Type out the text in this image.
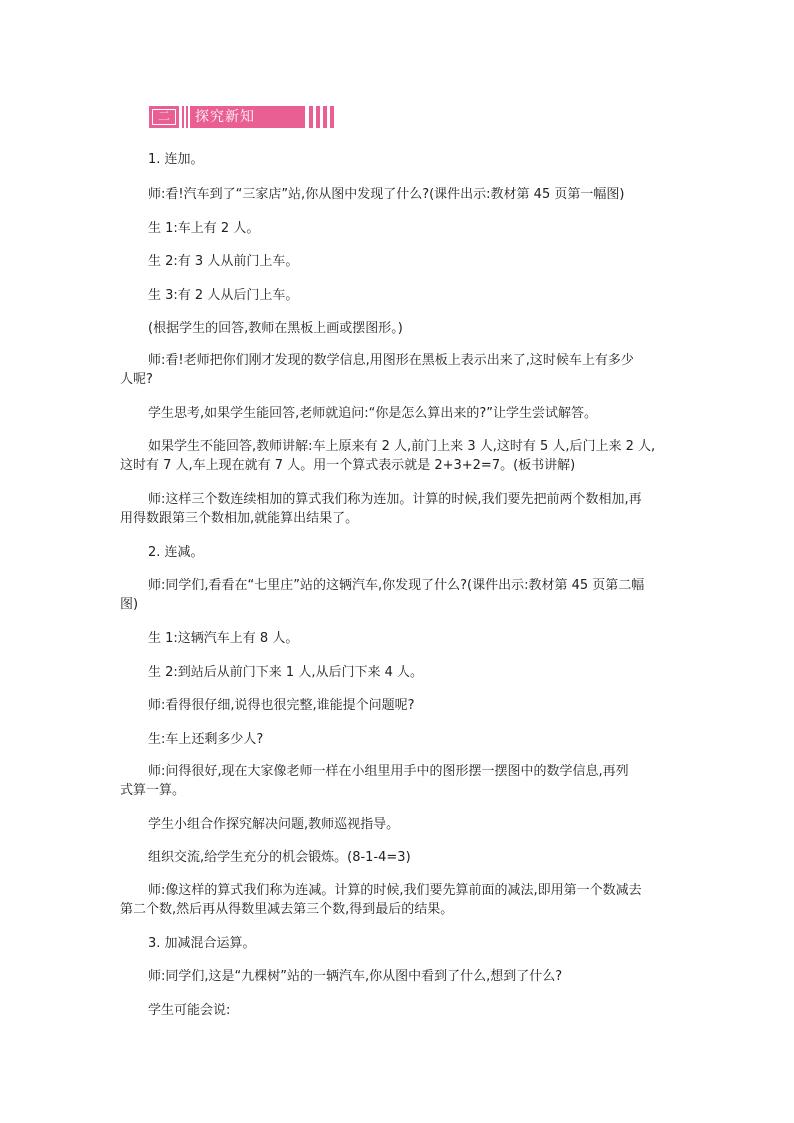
二	探究新知
1. 连加。
师:看!汽车到了“三家店”站,你从图中发现了什么?(课件出示:教材第 45 页第一幅图)
生 1:车上有 2 人。
生 2:有 3 人从前门上车。
生 3:有 2 人从后门上车。
(根据学生的回答,教师在黑板上画或摆图形。)
师:看!老师把你们刚才发现的数学信息,用图形在黑板上表示出来了,这时候车上有多少
人呢?
学生思考,如果学生能回答,老师就追问:“你是怎么算出来的?”让学生尝试解答。
如果学生不能回答,教师讲解:车上原来有 2 人,前门上来 3 人,这时有 5 人,后门上来 2 人,
这时有 7 人,车上现在就有 7 人。用一个算式表示就是 2+3+2=7。(板书讲解)
师:这样三个数连续相加的算式我们称为连加。计算的时候,我们要先把前两个数相加,再
用得数跟第三个数相加,就能算出结果了。
2. 连减。
师:同学们,看看在“七里庄”站的这辆汽车,你发现了什么?(课件出示:教材第 45 页第二幅
图)
生 1:这辆汽车上有 8 人。
生 2:到站后从前门下来 1 人,从后门下来 4 人。
师:看得很仔细,说得也很完整,谁能提个问题呢?
生:车上还剩多少人?
师:问得很好,现在大家像老师一样在小组里用手中的图形摆一摆图中的数学信息,再列
式算一算。
学生小组合作探究解决问题,教师巡视指导。
组织交流,给学生充分的机会锻炼。(8-1-4=3)
师:像这样的算式我们称为连减。计算的时候,我们要先算前面的减法,即用第一个数减去
第二个数,然后再从得数里减去第三个数,得到最后的结果。
3. 加减混合运算。
师:同学们,这是“九棵树”站的一辆汽车,你从图中看到了什么,想到了什么?
学生可能会说:
